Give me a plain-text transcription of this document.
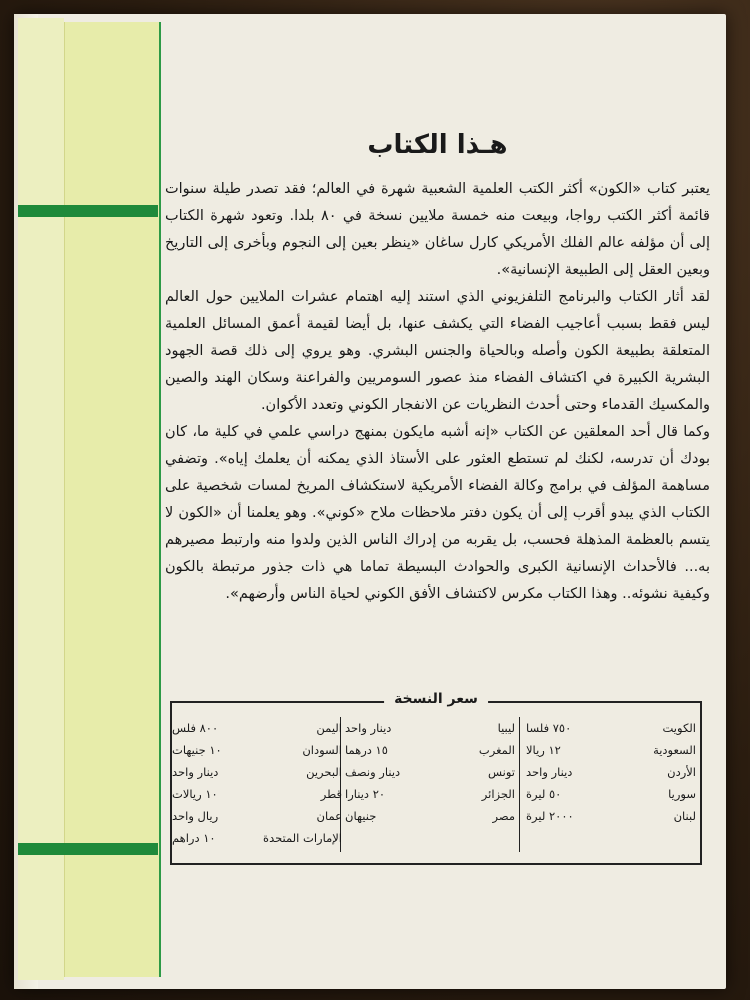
هـذا الكتاب

يعتبر كتاب «الكون» أكثر الكتب العلمية الشعبية شهرة في العالم؛ فقد تصدر طيلة سنوات قائمة أكثر الكتب رواجا، وبيعت منه خمسة ملايين نسخة في ٨٠ بلدا. وتعود شهرة الكتاب إلى أن مؤلفه عالم الفلك الأمريكي كارل ساغان «ينظر بعين إلى النجوم وبأخرى إلى التاريخ وبعين العقل إلى الطبيعة الإنسانية».

لقد أثار الكتاب والبرنامج التلفزيوني الذي استند إليه اهتمام عشرات الملايين حول العالم ليس فقط بسبب أعاجيب الفضاء التي يكشف عنها، بل أيضا لقيمة أعمق المسائل العلمية المتعلقة بطبيعة الكون وأصله وبالحياة والجنس البشري. وهو يروي إلى ذلك قصة الجهود البشرية الكبيرة في اكتشاف الفضاء منذ عصور السومريين والفراعنة وسكان الهند والصين والمكسيك القدماء وحتى أحدث النظريات عن الانفجار الكوني وتعدد الأكوان.

وكما قال أحد المعلقين عن الكتاب «إنه أشبه مايكون بمنهج دراسي علمي في كلية ما، كان بودك أن تدرسه، لكنك لم تستطع العثور على الأستاذ الذي يمكنه أن يعلمك إياه». وتضفي مساهمة المؤلف في برامج وكالة الفضاء الأمريكية لاستكشاف المريخ لمسات شخصية على الكتاب الذي يبدو أقرب إلى أن يكون دفتر ملاحظات ملاح «كوني». وهو يعلمنا أن «الكون لا يتسم بالعظمة المذهلة فحسب، بل يقربه من إدراك الناس الذين ولدوا منه وارتبط مصيرهم به... فالأحداث الإنسانية الكبرى والحوادث البسيطة تماما هي ذات جذور مرتبطة بالكون وكيفية نشوئه.. وهذا الكتاب مكرس لاكتشاف الأفق الكوني لحياة الناس وأرضهم».

سعر النسخة
الكويت
٧٥٠ فلسا
السعودية
١٢ ريالا
الأردن
دينار واحد
سوريا
٥٠ ليرة
لبنان
٢٠٠٠ ليرة
ليبيا
دينار واحد
المغرب
١٥ درهما
تونس
دينار ونصف
الجزائر
٢٠ دينارا
مصر
جنيهان
اليمن
٨٠٠ فلس
السودان
١٠ جنيهات
البحرين
دينار واحد
قطر
١٠ ريالات
عمان
ريال واحد
الإمارات المتحدة
١٠ دراهم
